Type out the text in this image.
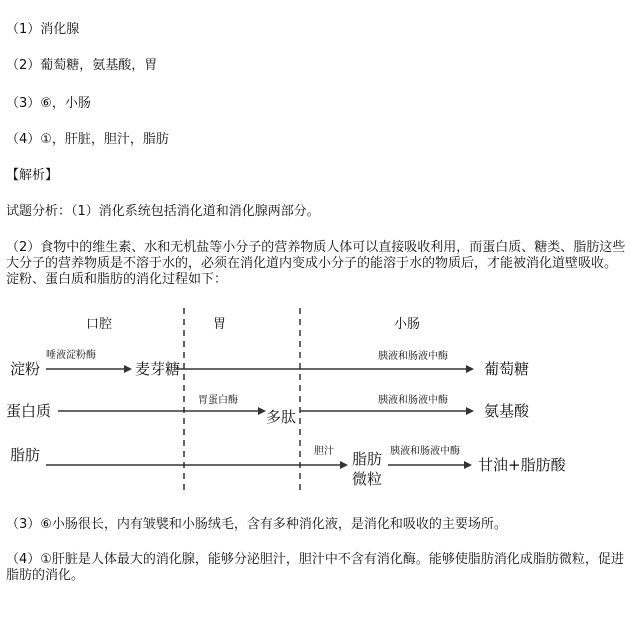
（1）消化腺
（2）葡萄糖，氨基酸，胃
（3）⑥，小肠
（4）①，肝脏，胆汁，脂肪
【解析】
试题分析：（1）消化系统包括消化道和消化腺两部分。
（2）食物中的维生素、水和无机盐等小分子的营养物质人体可以直接吸收利用，而蛋白质、糖类、脂肪这些大分子的营养物质是不溶于水的，必须在消化道内变成小分子的能溶于水的物质后，才能被消化道壁吸收。淀粉、蛋白质和脂肪的消化过程如下：
口腔	胃	小肠
淀粉
唾液淀粉酶
麦芽糖
胰液和肠液中酶
葡萄糖
蛋白质
胃蛋白酶
多肽
胰液和肠液中酶
氨基酸
脂肪	胆汁 脂肪
微粒
胰液和肠液中酶
甘油+脂肪酸
（3）⑥小肠很长，内有皱襞和小肠绒毛，含有多种消化液，是消化和吸收的主要场所。
（4）①肝脏是人体最大的消化腺，能够分泌胆汁，胆汁中不含有消化酶。能够使脂肪消化成脂肪微粒，促进脂肪的消化。
